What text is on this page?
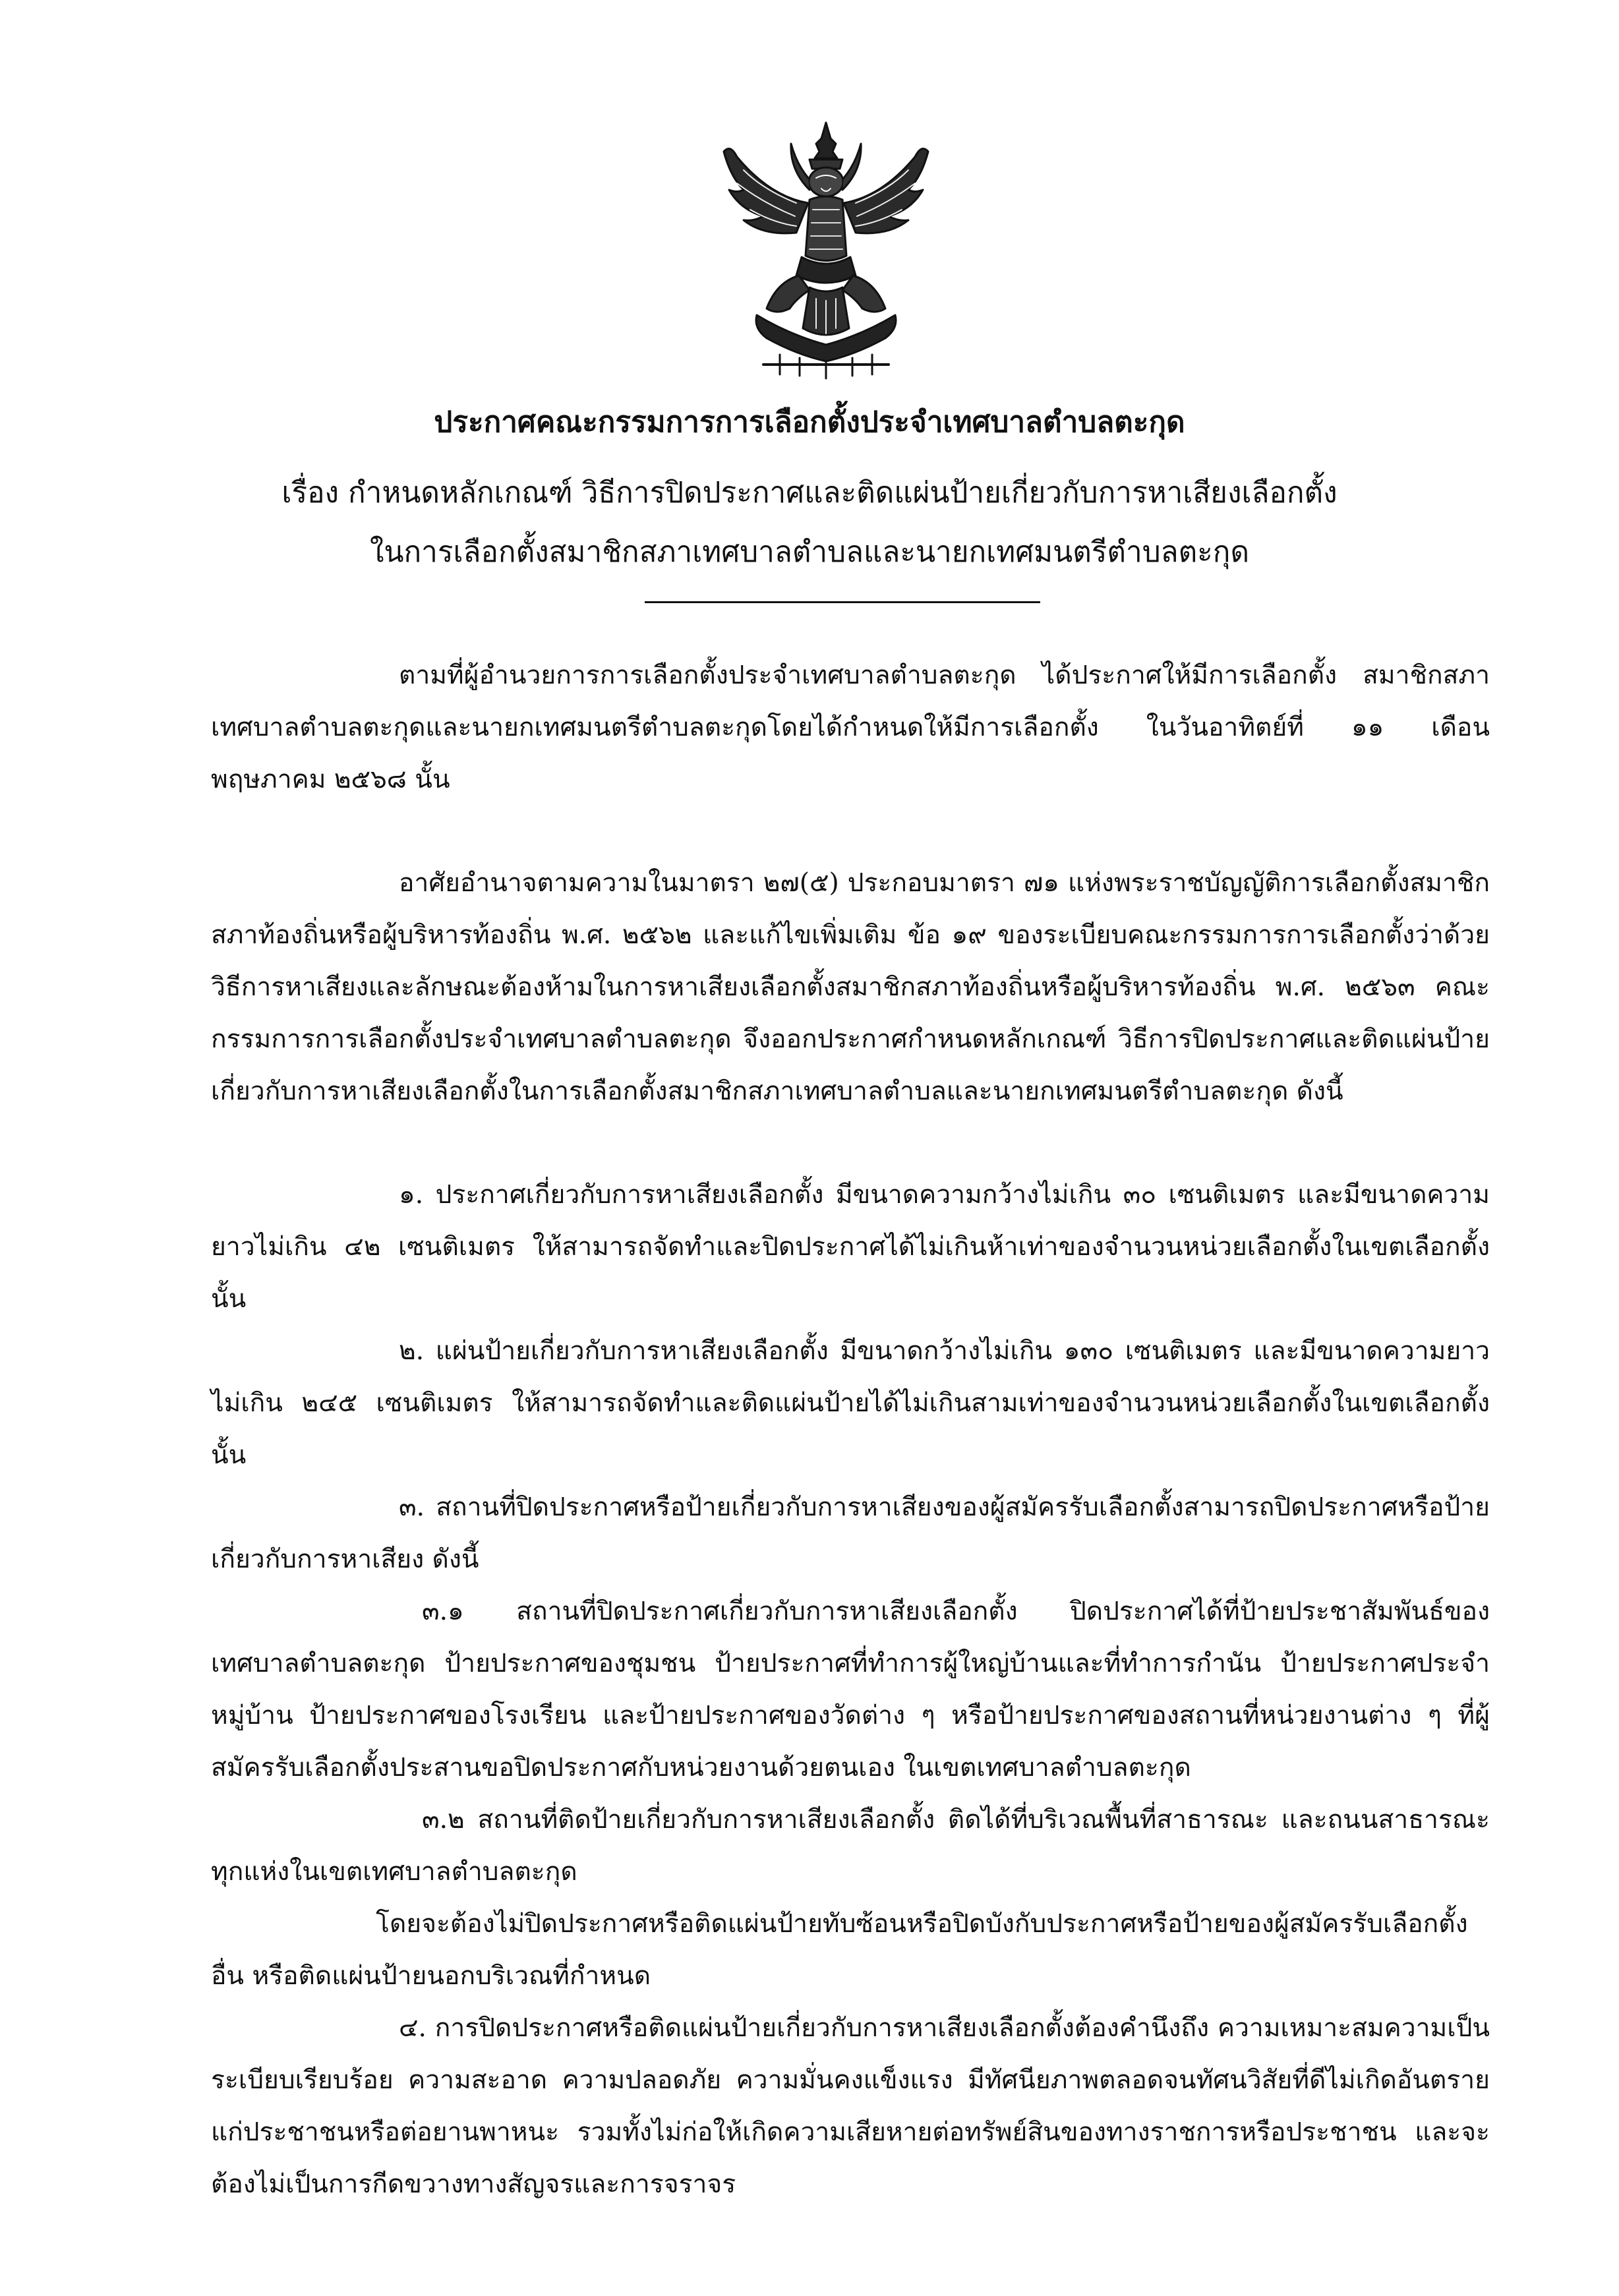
ประกาศคณะกรรมการการเลือกตั้งประจำเทศบาลตำบลตะกุด
เรื่อง กำหนดหลักเกณฑ์ วิธีการปิดประกาศและติดแผ่นป้ายเกี่ยวกับการหาเสียงเลือกตั้ง
ในการเลือกตั้งสมาชิกสภาเทศบาลตำบลและนายกเทศมนตรีตำบลตะกุด

ตามที่ผู้อำนวยการการเลือกตั้งประจำเทศบาลตำบลตะกุด ได้ประกาศให้มีการเลือกตั้ง สมาชิกสภาเทศบาลตำบลตะกุดและนายกเทศมนตรีตำบลตะกุดโดยได้กำหนดให้มีการเลือกตั้ง ในวันอาทิตย์ที่ ๑๑ เดือน พฤษภาคม ๒๕๖๘ นั้น

อาศัยอำนาจตามความในมาตรา ๒๗(๕) ประกอบมาตรา ๗๑ แห่งพระราชบัญญัติการเลือกตั้งสมาชิกสภาท้องถิ่นหรือผู้บริหารท้องถิ่น พ.ศ. ๒๕๖๒ และแก้ไขเพิ่มเติม ข้อ ๑๙ ของระเบียบคณะกรรมการการเลือกตั้งว่าด้วยวิธีการหาเสียงและลักษณะต้องห้ามในการหาเสียงเลือกตั้งสมาชิกสภาท้องถิ่นหรือผู้บริหารท้องถิ่น พ.ศ. ๒๕๖๓ คณะกรรมการการเลือกตั้งประจำเทศบาลตำบลตะกุด จึงออกประกาศกำหนดหลักเกณฑ์ วิธีการปิดประกาศและติดแผ่นป้ายเกี่ยวกับการหาเสียงเลือกตั้งในการเลือกตั้งสมาชิกสภาเทศบาลตำบลและนายกเทศมนตรีตำบลตะกุด ดังนี้

๑. ประกาศเกี่ยวกับการหาเสียงเลือกตั้ง มีขนาดความกว้างไม่เกิน ๓๐ เซนติเมตร และมีขนาดความยาวไม่เกิน ๔๒ เซนติเมตร ให้สามารถจัดทำและปิดประกาศได้ไม่เกินห้าเท่าของจำนวนหน่วยเลือกตั้งในเขตเลือกตั้งนั้น

๒. แผ่นป้ายเกี่ยวกับการหาเสียงเลือกตั้ง มีขนาดกว้างไม่เกิน ๑๓๐ เซนติเมตร และมีขนาดความยาวไม่เกิน ๒๔๕ เซนติเมตร ให้สามารถจัดทำและติดแผ่นป้ายได้ไม่เกินสามเท่าของจำนวนหน่วยเลือกตั้งในเขตเลือกตั้งนั้น

๓. สถานที่ปิดประกาศหรือป้ายเกี่ยวกับการหาเสียงของผู้สมัครรับเลือกตั้งสามารถปิดประกาศหรือป้ายเกี่ยวกับการหาเสียง ดังนี้

๓.๑ สถานที่ปิดประกาศเกี่ยวกับการหาเสียงเลือกตั้ง ปิดประกาศได้ที่ป้ายประชาสัมพันธ์ของเทศบาลตำบลตะกุด ป้ายประกาศของชุมชน ป้ายประกาศที่ทำการผู้ใหญ่บ้านและที่ทำการกำนัน ป้ายประกาศประจำหมู่บ้าน ป้ายประกาศของโรงเรียน และป้ายประกาศของวัดต่าง ๆ หรือป้ายประกาศของสถานที่หน่วยงานต่าง ๆ ที่ผู้สมัครรับเลือกตั้งประสานขอปิดประกาศกับหน่วยงานด้วยตนเอง ในเขตเทศบาลตำบลตะกุด

๓.๒ สถานที่ติดป้ายเกี่ยวกับการหาเสียงเลือกตั้ง ติดได้ที่บริเวณพื้นที่สาธารณะ และถนนสาธารณะทุกแห่งในเขตเทศบาลตำบลตะกุด

โดยจะต้องไม่ปิดประกาศหรือติดแผ่นป้ายทับซ้อนหรือปิดบังกับประกาศหรือป้ายของผู้สมัครรับเลือกตั้งอื่น หรือติดแผ่นป้ายนอกบริเวณที่กำหนด

๔. การปิดประกาศหรือติดแผ่นป้ายเกี่ยวกับการหาเสียงเลือกตั้งต้องคำนึงถึง ความเหมาะสมความเป็นระเบียบเรียบร้อย ความสะอาด ความปลอดภัย ความมั่นคงแข็งแรง มีทัศนียภาพตลอดจนทัศนวิสัยที่ดีไม่เกิดอันตรายแก่ประชาชนหรือต่อยานพาหนะ รวมทั้งไม่ก่อให้เกิดความเสียหายต่อทรัพย์สินของทางราชการหรือประชาชน และจะต้องไม่เป็นการกีดขวางทางสัญจรและการจราจร
